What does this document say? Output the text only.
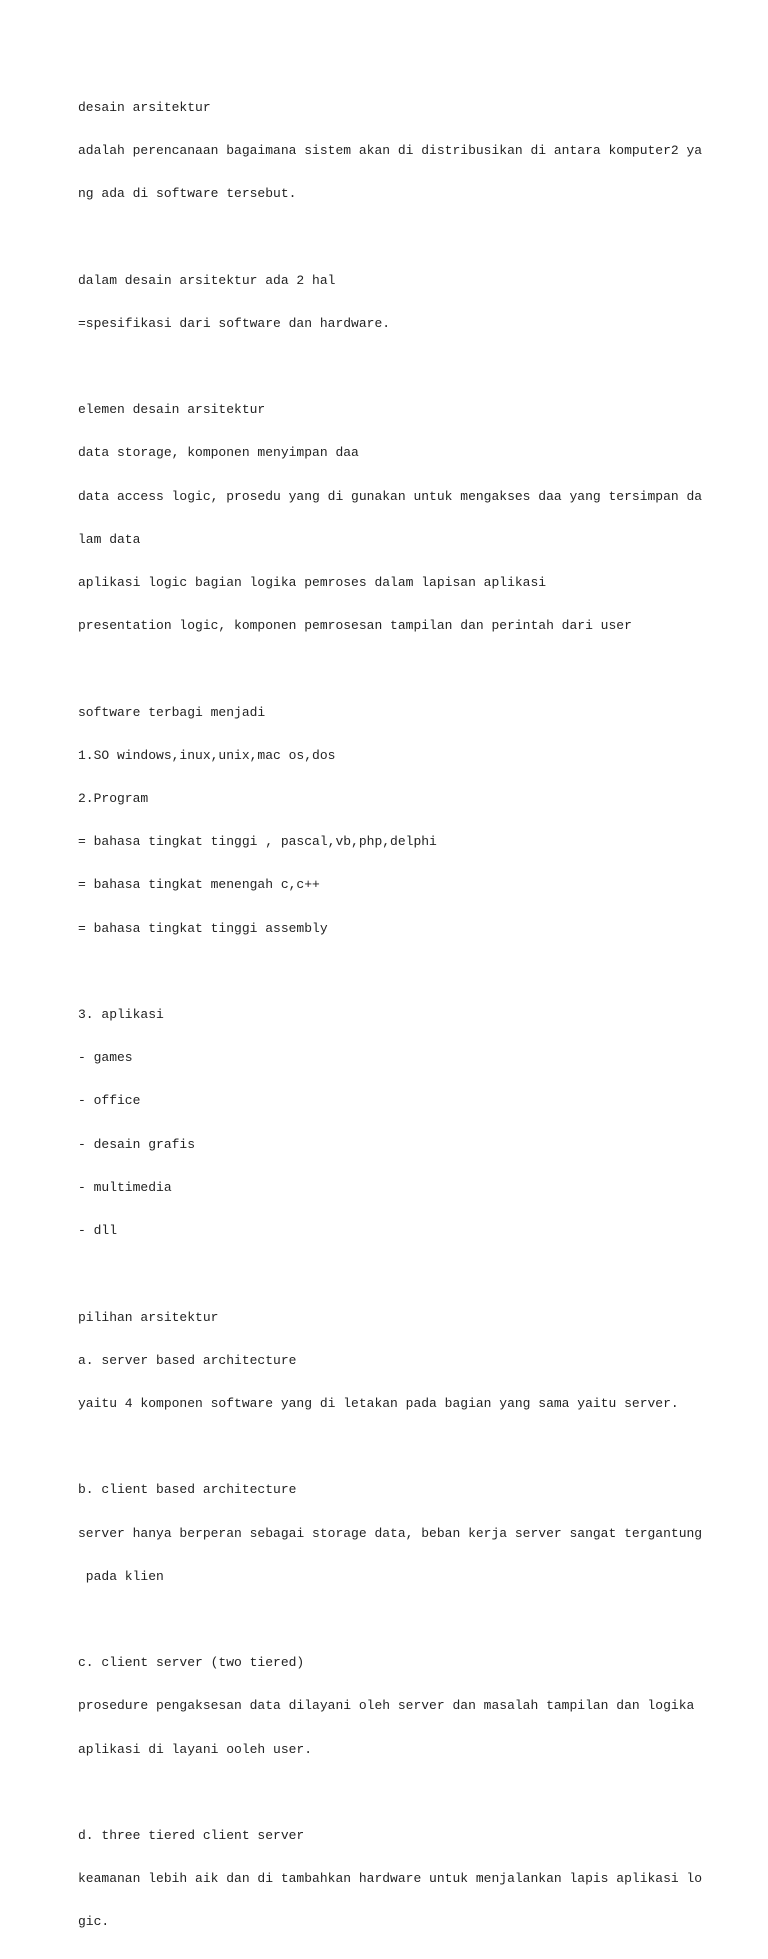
desain arsitektur

adalah perencanaan bagaimana sistem akan di distribusikan di antara komputer2 ya

ng ada di software tersebut.

dalam desain arsitektur ada 2 hal

=spesifikasi dari software dan hardware.

elemen desain arsitektur

data storage, komponen menyimpan daa

data access logic, prosedu yang di gunakan untuk mengakses daa yang tersimpan da

lam data

aplikasi logic bagian logika pemroses dalam lapisan aplikasi

presentation logic, komponen pemrosesan tampilan dan perintah dari user

software terbagi menjadi

1.SO windows,inux,unix,mac os,dos

2.Program

= bahasa tingkat tinggi , pascal,vb,php,delphi

= bahasa tingkat menengah c,c++

= bahasa tingkat tinggi assembly

3. aplikasi

- games

- office

- desain grafis

- multimedia

- dll

pilihan arsitektur

a. server based architecture

yaitu 4 komponen software yang di letakan pada bagian yang sama yaitu server.

b. client based architecture

server hanya berperan sebagai storage data, beban kerja server sangat tergantung

pada klien

c. client server (two tiered)

prosedure pengaksesan data dilayani oleh server dan masalah tampilan dan logika

aplikasi di layani ooleh user.

d. three tiered client server

keamanan lebih aik dan di tambahkan hardware untuk menjalankan lapis aplikasi lo

gic.
